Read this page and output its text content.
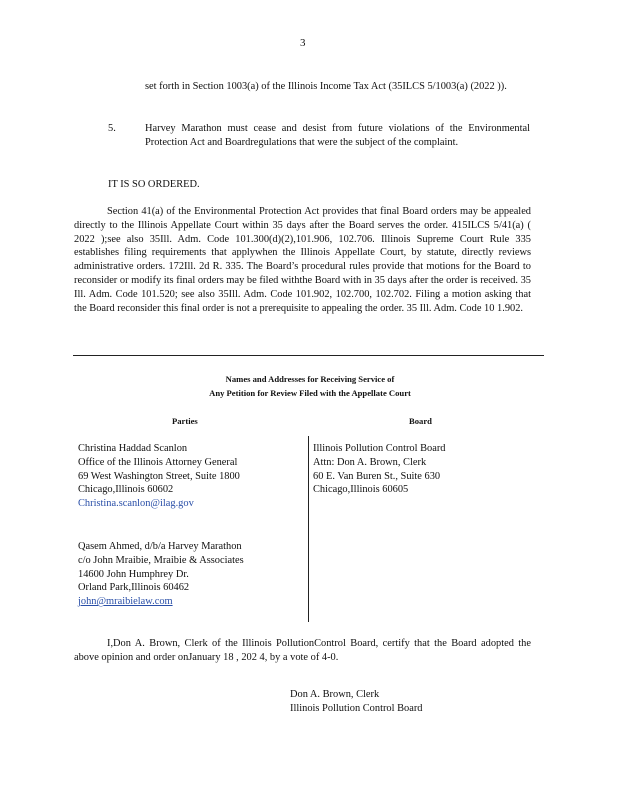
3
set forth in Section 1003(a) of the Illinois Income Tax Act (35ILCS 5/1003(a) (2022 )).
5.	Harvey Marathon must cease and desist from future violations of the Environmental Protection Act and Boardregulations that were the subject of the complaint.
IT IS SO ORDERED.
Section 41(a) of the Environmental Protection Act provides that final Board orders may be appealed directly to the Illinois Appellate Court within 35 days after the Board serves the order. 415ILCS 5/41(a) ( 2022 );see also 35Ill. Adm. Code 101.300(d)(2),101.906, 102.706. Illinois Supreme Court Rule 335 establishes filing requirements that applywhen the Illinois Appellate Court, by statute, directly reviews administrative orders. 172Ill. 2d R. 335. The Board’s procedural rules provide that motions for the Board to reconsider or modify its final orders may be filed withthe Board with in 35 days after the order is received. 35 Ill. Adm. Code 101.520; see also 35Ill. Adm. Code 101.902, 102.700, 102.702. Filing a motion asking that the Board reconsider this final order is not a prerequisite to appealing the order. 35 Ill. Adm. Code 10 1.902.
Names and Addresses for Receiving Service of
Any Petition for Review Filed with the Appellate Court
Parties	Board
Christina Haddad Scanlon
Office of the Illinois Attorney General
69 West Washington Street, Suite 1800
Chicago,Illinois 60602
Christina.scanlon@ilag.gov
Qasem Ahmed, d/b/a Harvey Marathon
c/o John Mraibie, Mraibie & Associates
14600 John Humphrey Dr.
Orland Park,Illinois 60462
john@mraibielaw.com
Illinois Pollution Control Board
Attn: Don A. Brown, Clerk
60 E. Van Buren St., Suite 630
Chicago,Illinois 60605
I,Don A. Brown, Clerk of the Illinois PollutionControl Board, certify that the Board adopted the above opinion and order onJanuary 18 , 202 4, by a vote of 4-0.
Don A. Brown, Clerk
Illinois Pollution Control Board
